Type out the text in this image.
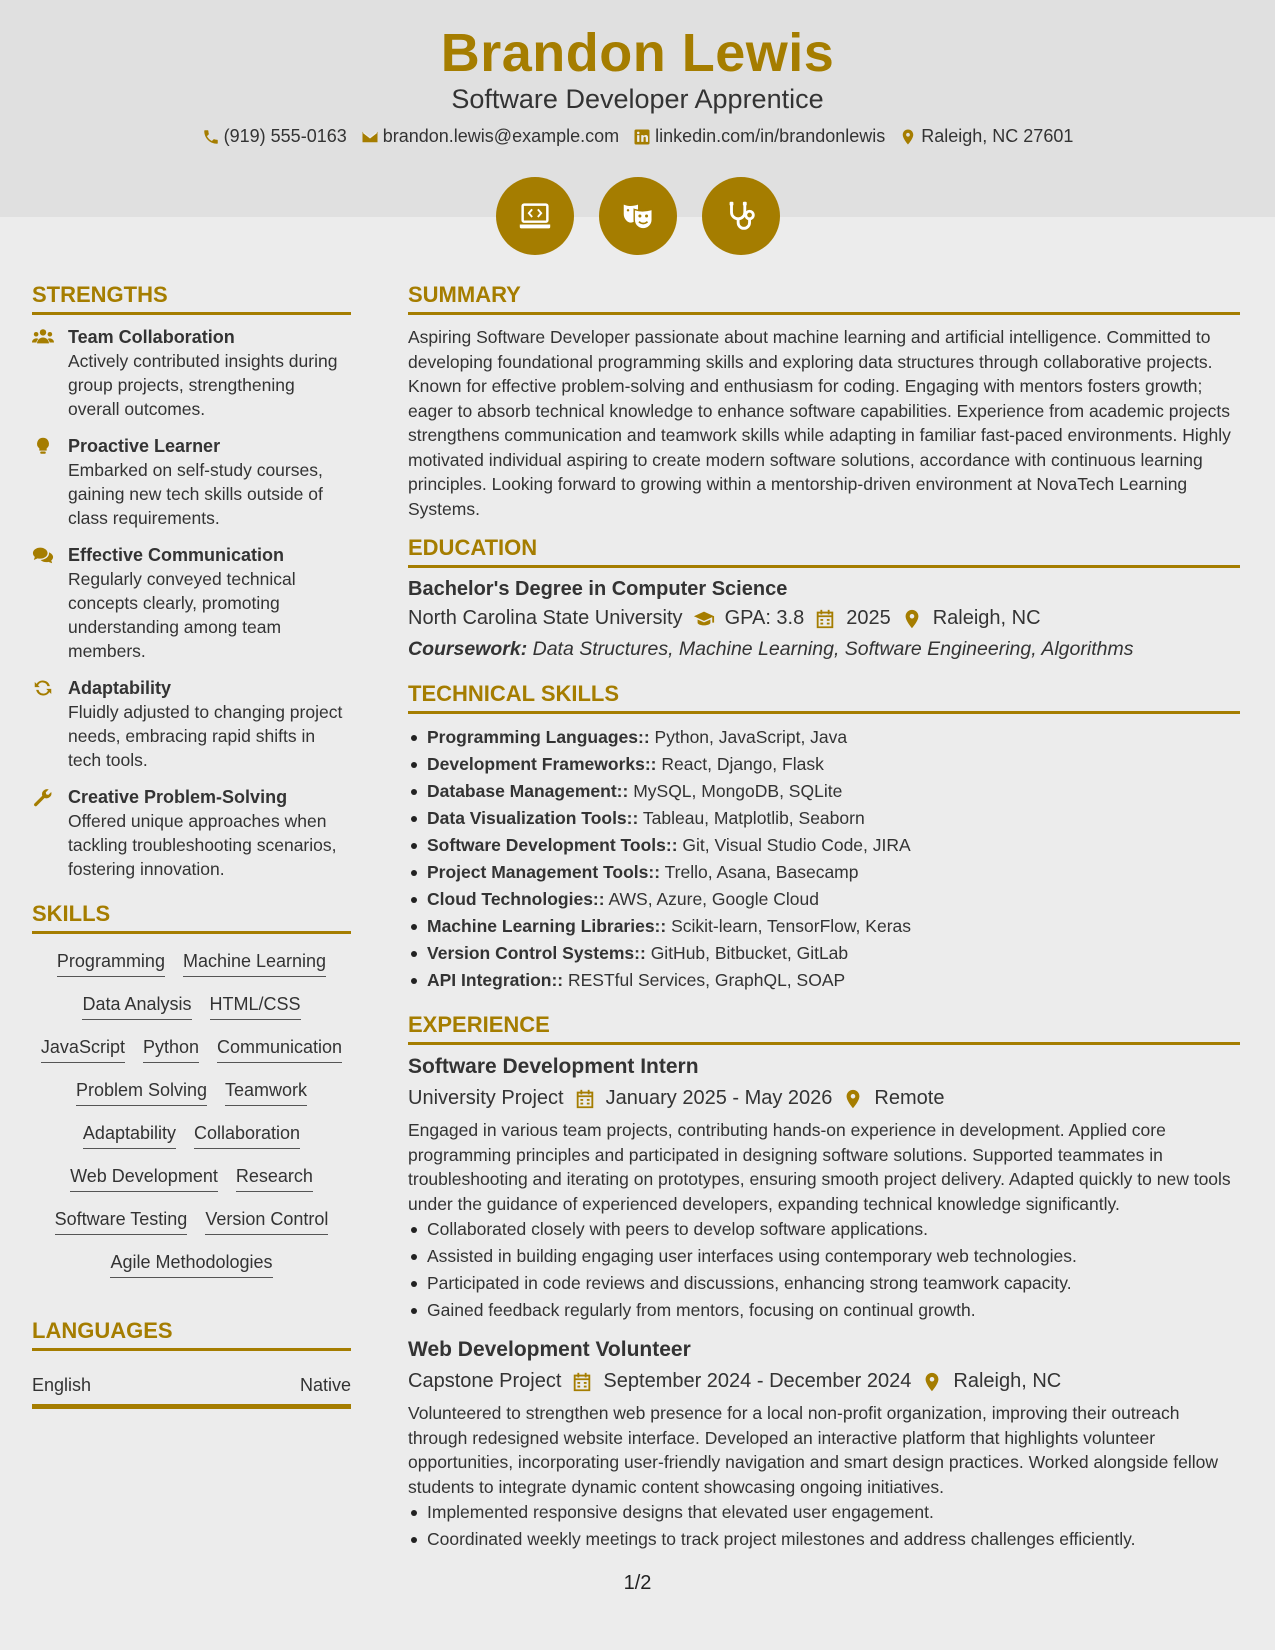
Brandon Lewis
Software Developer Apprentice
(919) 555-0163 brandon.lewis@example.com linkedin.com/in/brandonlewis Raleigh, NC 27601
STRENGTHS
Team Collaboration
Actively contributed insights during group projects, strengthening overall outcomes.
Proactive Learner
Embarked on self-study courses, gaining new tech skills outside of class requirements.
Effective Communication
Regularly conveyed technical concepts clearly, promoting understanding among team members.
Adaptability
Fluidly adjusted to changing project needs, embracing rapid shifts in tech tools.
Creative Problem-Solving
Offered unique approaches when tackling troubleshooting scenarios, fostering innovation.
SKILLS
Programming Machine Learning
Data Analysis HTML/CSS
JavaScript Python Communication
Problem Solving Teamwork
Adaptability Collaboration
Web Development Research
Software Testing Version Control
Agile Methodologies
LANGUAGES
English	Native
SUMMARY
Aspiring Software Developer passionate about machine learning and artificial intelligence. Committed to developing foundational programming skills and exploring data structures through collaborative projects. Known for effective problem-solving and enthusiasm for coding. Engaging with mentors fosters growth; eager to absorb technical knowledge to enhance software capabilities. Experience from academic projects strengthens communication and teamwork skills while adapting in familiar fast-paced environments. Highly motivated individual aspiring to create modern software solutions, accordance with continuous learning principles. Looking forward to growing within a mentorship-driven environment at NovaTech Learning Systems.
EDUCATION
Bachelor's Degree in Computer Science
North Carolina State University GPA: 3.8 2025 Raleigh, NC
Coursework: Data Structures, Machine Learning, Software Engineering, Algorithms
TECHNICAL SKILLS
Programming Languages:: Python, JavaScript, Java
Development Frameworks:: React, Django, Flask
Database Management:: MySQL, MongoDB, SQLite
Data Visualization Tools:: Tableau, Matplotlib, Seaborn
Software Development Tools:: Git, Visual Studio Code, JIRA
Project Management Tools:: Trello, Asana, Basecamp
Cloud Technologies:: AWS, Azure, Google Cloud
Machine Learning Libraries:: Scikit-learn, TensorFlow, Keras
Version Control Systems:: GitHub, Bitbucket, GitLab
API Integration:: RESTful Services, GraphQL, SOAP
EXPERIENCE
Software Development Intern
University Project January 2025 - May 2026 Remote
Engaged in various team projects, contributing hands-on experience in development. Applied core programming principles and participated in designing software solutions. Supported teammates in troubleshooting and iterating on prototypes, ensuring smooth project delivery. Adapted quickly to new tools under the guidance of experienced developers, expanding technical knowledge significantly.
Collaborated closely with peers to develop software applications.
Assisted in building engaging user interfaces using contemporary web technologies.
Participated in code reviews and discussions, enhancing strong teamwork capacity.
Gained feedback regularly from mentors, focusing on continual growth.
Web Development Volunteer
Capstone Project September 2024 - December 2024 Raleigh, NC
Volunteered to strengthen web presence for a local non-profit organization, improving their outreach through redesigned website interface. Developed an interactive platform that highlights volunteer opportunities, incorporating user-friendly navigation and smart design practices. Worked alongside fellow students to integrate dynamic content showcasing ongoing initiatives.
Implemented responsive designs that elevated user engagement.
Coordinated weekly meetings to track project milestones and address challenges efficiently.
1/2
